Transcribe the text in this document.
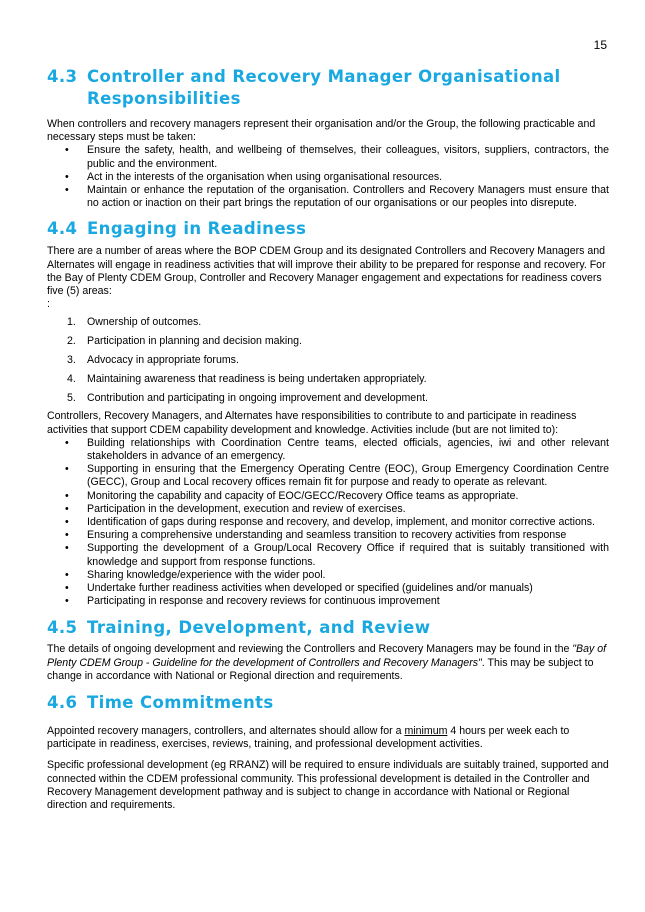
15
4.3 Controller and Recovery Manager Organisational
Responsibilities

When controllers and recovery managers represent their organisation and/or the Group, the following practicable and necessary steps must be taken:

• Ensure the safety, health, and wellbeing of themselves, their colleagues, visitors, suppliers, contractors, the public and the environment.
• Act in the interests of the organisation when using organisational resources.
• Maintain or enhance the reputation of the organisation. Controllers and Recovery Managers must ensure that no action or inaction on their part brings the reputation of our organisations or our peoples into disrepute.
4.4 Engaging in Readiness

There are a number of areas where the BOP CDEM Group and its designated Controllers and Recovery Managers and Alternates will engage in readiness activities that will improve their ability to be prepared for response and recovery. For the Bay of Plenty CDEM Group, Controller and Recovery Manager engagement and expectations for readiness covers five (5) areas:

:

1. Ownership of outcomes.
2. Participation in planning and decision making.
3. Advocacy in appropriate forums.
4. Maintaining awareness that readiness is being undertaken appropriately.
5. Contribution and participating in ongoing improvement and development.

Controllers, Recovery Managers, and Alternates have responsibilities to contribute to and participate in readiness activities that support CDEM capability development and knowledge. Activities include (but are not limited to):

• Building relationships with Coordination Centre teams, elected officials, agencies, iwi and other relevant stakeholders in advance of an emergency.
• Supporting in ensuring that the Emergency Operating Centre (EOC), Group Emergency Coordination Centre (GECC), Group and Local recovery offices remain fit for purpose and ready to operate as relevant.
• Monitoring the capability and capacity of EOC/GECC/Recovery Office teams as appropriate.
• Participation in the development, execution and review of exercises.
• Identification of gaps during response and recovery, and develop, implement, and monitor corrective actions.
• Ensuring a comprehensive understanding and seamless transition to recovery activities from response
• Supporting the development of a Group/Local Recovery Office if required that is suitably transitioned with knowledge and support from response functions.
• Sharing knowledge/experience with the wider pool.
• Undertake further readiness activities when developed or specified (guidelines and/or manuals)
• Participating in response and recovery reviews for continuous improvement
4.5 Training, Development, and Review

The details of ongoing development and reviewing the Controllers and Recovery Managers may be found in the "Bay of Plenty CDEM Group - Guideline for the development of Controllers and Recovery Managers". This may be subject to change in accordance with National or Regional direction and requirements.

4.6 Time Commitments

Appointed recovery managers, controllers, and alternates should allow for a minimum 4 hours per week each to participate in readiness, exercises, reviews, training, and professional development activities.

Specific professional development (eg RRANZ) will be required to ensure individuals are suitably trained, supported and connected within the CDEM professional community. This professional development is detailed in the Controller and Recovery Management development pathway and is subject to change in accordance with National or Regional direction and requirements.
